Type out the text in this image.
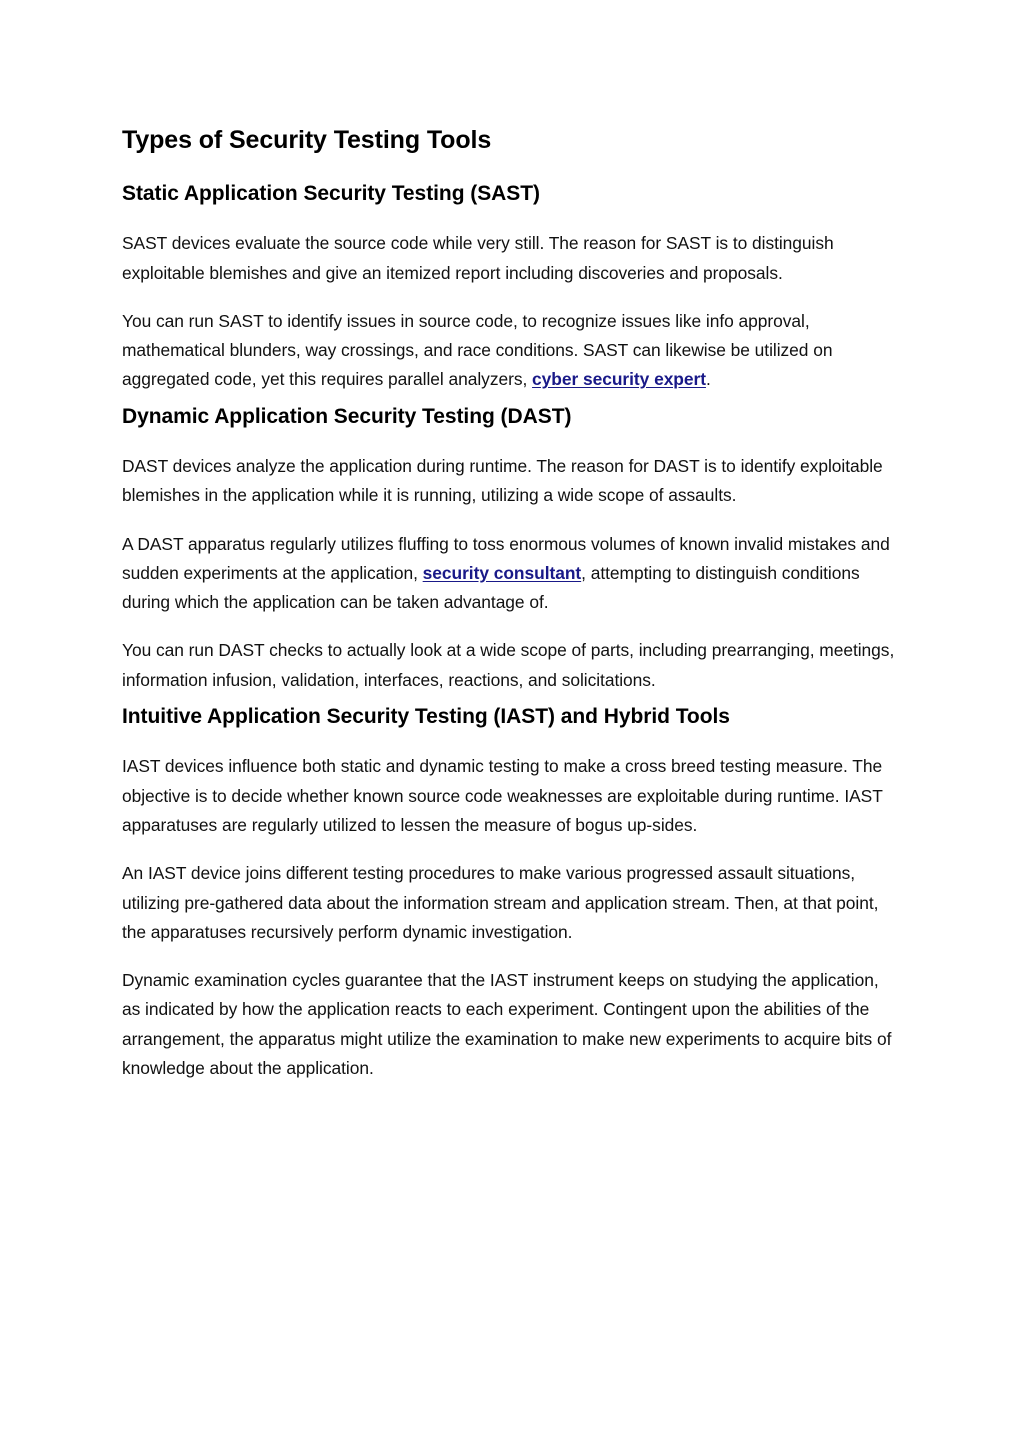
Types of Security Testing Tools
Static Application Security Testing (SAST)

SAST devices evaluate the source code while very still. The reason for SAST is to distinguish exploitable blemishes and give an itemized report including discoveries and proposals.

You can run SAST to identify issues in source code, to recognize issues like info approval, mathematical blunders, way crossings, and race conditions. SAST can likewise be utilized on aggregated code, yet this requires parallel analyzers, cyber security expert.

Dynamic Application Security Testing (DAST)

DAST devices analyze the application during runtime. The reason for DAST is to identify exploitable blemishes in the application while it is running, utilizing a wide scope of assaults.

A DAST apparatus regularly utilizes fluffing to toss enormous volumes of known invalid mistakes and sudden experiments at the application, security consultant, attempting to distinguish conditions during which the application can be taken advantage of.

You can run DAST checks to actually look at a wide scope of parts, including prearranging, meetings, information infusion, validation, interfaces, reactions, and solicitations.

Intuitive Application Security Testing (IAST) and Hybrid Tools

IAST devices influence both static and dynamic testing to make a cross breed testing measure. The objective is to decide whether known source code weaknesses are exploitable during runtime. IAST apparatuses are regularly utilized to lessen the measure of bogus up-sides.

An IAST device joins different testing procedures to make various progressed assault situations, utilizing pre-gathered data about the information stream and application stream. Then, at that point, the apparatuses recursively perform dynamic investigation.

Dynamic examination cycles guarantee that the IAST instrument keeps on studying the application, as indicated by how the application reacts to each experiment. Contingent upon the abilities of the arrangement, the apparatus might utilize the examination to make new experiments to acquire bits of knowledge about the application.
